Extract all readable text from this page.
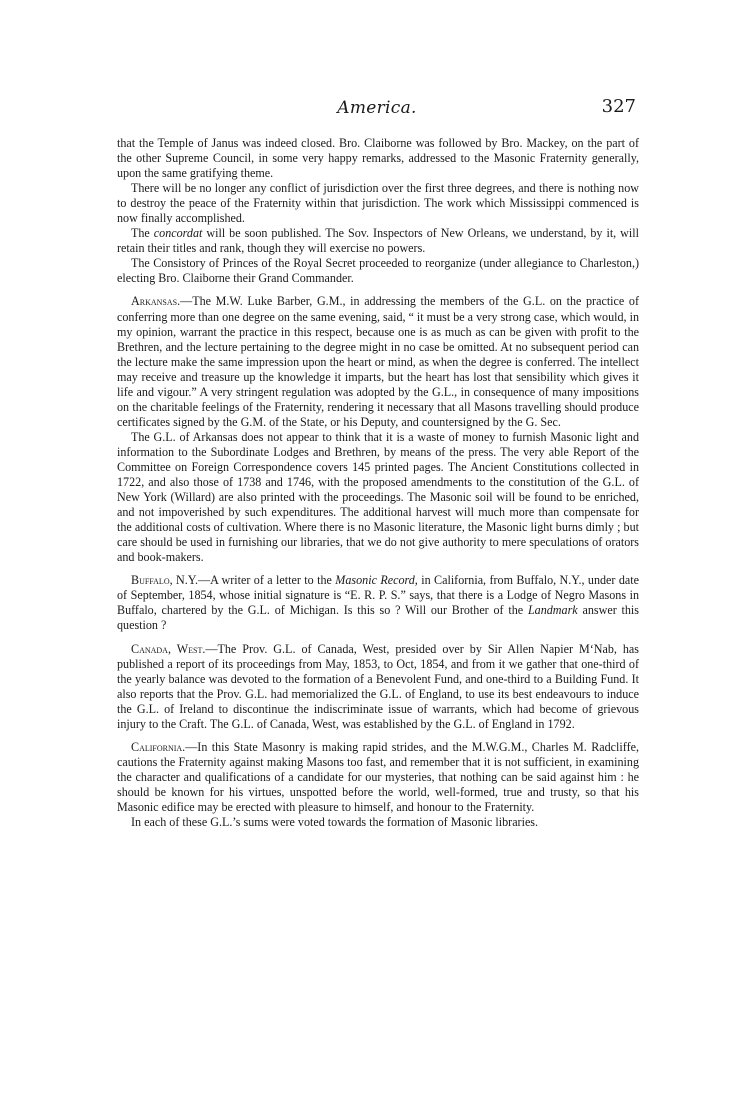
America.	327

that the Temple of Janus was indeed closed. Bro. Claiborne was followed by Bro. Mackey, on the part of the other Supreme Council, in some very happy remarks, addressed to the Masonic Fraternity generally, upon the same gratifying theme.

There will be no longer any conflict of jurisdiction over the first three degrees, and there is nothing now to destroy the peace of the Fraternity within that jurisdiction. The work which Mississippi commenced is now finally accomplished.

The concordat will be soon published. The Sov. Inspectors of New Orleans, we understand, by it, will retain their titles and rank, though they will exercise no powers.

The Consistory of Princes of the Royal Secret proceeded to reorganize (under allegiance to Charleston,) electing Bro. Claiborne their Grand Commander.

Arkansas.—The M.W. Luke Barber, G.M., in addressing the members of the G.L. on the practice of conferring more than one degree on the same evening, said, “ it must be a very strong case, which would, in my opinion, warrant the practice in this respect, because one is as much as can be given with profit to the Brethren, and the lecture pertaining to the degree might in no case be omitted. At no subsequent period can the lecture make the same impression upon the heart or mind, as when the degree is conferred. The intellect may receive and treasure up the knowledge it imparts, but the heart has lost that sensibility which gives it life and vigour.” A very stringent regulation was adopted by the G.L., in consequence of many impositions on the charitable feelings of the Fraternity, rendering it necessary that all Masons travelling should produce certificates signed by the G.M. of the State, or his Deputy, and countersigned by the G. Sec.

The G.L. of Arkansas does not appear to think that it is a waste of money to furnish Masonic light and information to the Subordinate Lodges and Brethren, by means of the press. The very able Report of the Committee on Foreign Correspondence covers 145 printed pages. The Ancient Constitutions collected in 1722, and also those of 1738 and 1746, with the proposed amendments to the constitution of the G.L. of New York (Willard) are also printed with the proceedings. The Masonic soil will be found to be enriched, and not impoverished by such expenditures. The additional harvest will much more than compensate for the additional costs of cultivation. Where there is no Masonic literature, the Masonic light burns dimly ; but care should be used in furnishing our libraries, that we do not give authority to mere speculations of orators and book-makers.

Buffalo, N.Y.—A writer of a letter to the Masonic Record, in California, from Buffalo, N.Y., under date of September, 1854, whose initial signature is “E. R. P. S.” says, that there is a Lodge of Negro Masons in Buffalo, chartered by the G.L. of Michigan. Is this so ? Will our Brother of the Landmark answer this question ?

Canada, West.—The Prov. G.L. of Canada, West, presided over by Sir Allen Napier M‘Nab, has published a report of its proceedings from May, 1853, to Oct, 1854, and from it we gather that one-third of the yearly balance was devoted to the formation of a Benevolent Fund, and one-third to a Building Fund. It also reports that the Prov. G.L. had memorialized the G.L. of England, to use its best endeavours to induce the G.L. of Ireland to discontinue the indiscriminate issue of warrants, which had become of grievous injury to the Craft. The G.L. of Canada, West, was established by the G.L. of England in 1792.

California.—In this State Masonry is making rapid strides, and the M.W.G.M., Charles M. Radcliffe, cautions the Fraternity against making Masons too fast, and remember that it is not sufficient, in examining the character and qualifications of a candidate for our mysteries, that nothing can be said against him : he should be known for his virtues, unspotted before the world, well-formed, true and trusty, so that his Masonic edifice may be erected with pleasure to himself, and honour to the Fraternity.

In each of these G.L.’s sums were voted towards the formation of Masonic libraries.
